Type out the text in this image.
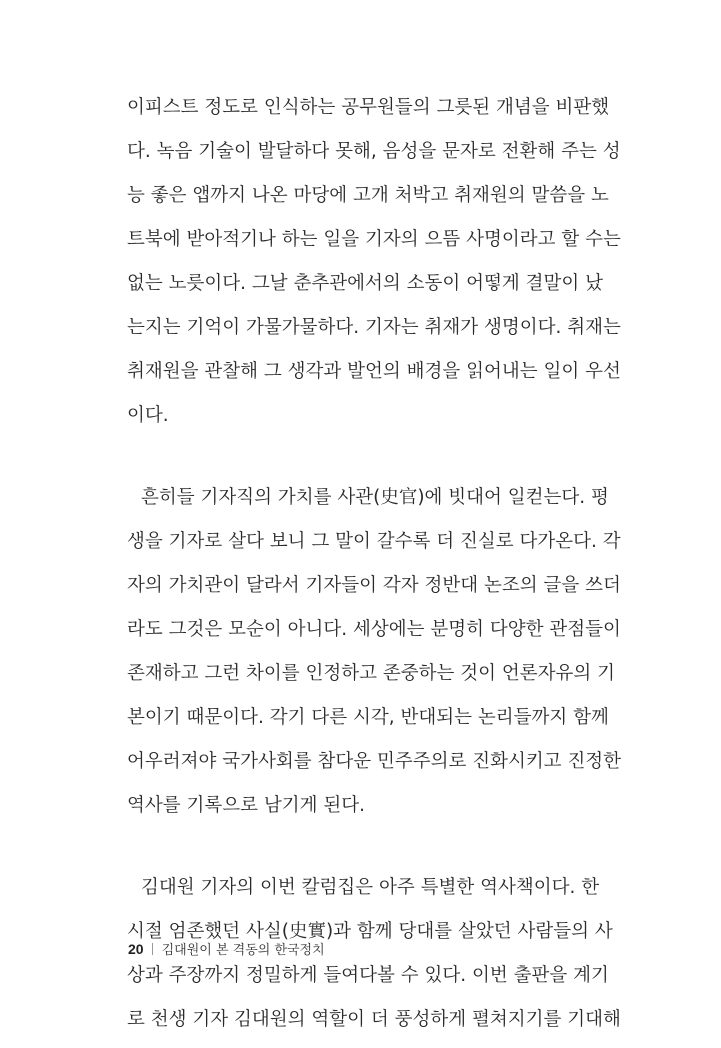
이피스트 정도로 인식하는 공무원들의 그릇된 개념을 비판했
다. 녹음 기술이 발달하다 못해, 음성을 문자로 전환해 주는 성
능 좋은 앱까지 나온 마당에 고개 처박고 취재원의 말씀을 노
트북에 받아적기나 하는 일을 기자의 으뜸 사명이라고 할 수는
없는 노릇이다. 그날 춘추관에서의 소동이 어떻게 결말이 났
는지는 기억이 가물가물하다. 기자는 취재가 생명이다. 취재는
취재원을 관찰해 그 생각과 발언의 배경을 읽어내는 일이 우선
이다.
흔히들 기자직의 가치를 사관(史官)에 빗대어 일컫는다. 평
생을 기자로 살다 보니 그 말이 갈수록 더 진실로 다가온다. 각
자의 가치관이 달라서 기자들이 각자 정반대 논조의 글을 쓰더
라도 그것은 모순이 아니다. 세상에는 분명히 다양한 관점들이
존재하고 그런 차이를 인정하고 존중하는 것이 언론자유의 기
본이기 때문이다. 각기 다른 시각, 반대되는 논리들까지 함께
어우러져야 국가사회를 참다운 민주주의로 진화시키고 진정한
역사를 기록으로 남기게 된다.
김대원 기자의 이번 칼럼집은 아주 특별한 역사책이다. 한
시절 엄존했던 사실(史實)과 함께 당대를 살았던 사람들의 사
상과 주장까지 정밀하게 들여다볼 수 있다. 이번 출판을 계기
로 천생 기자 김대원의 역할이 더 풍성하게 펼쳐지기를 기대해
20 김대원이 본 격동의 한국정치
